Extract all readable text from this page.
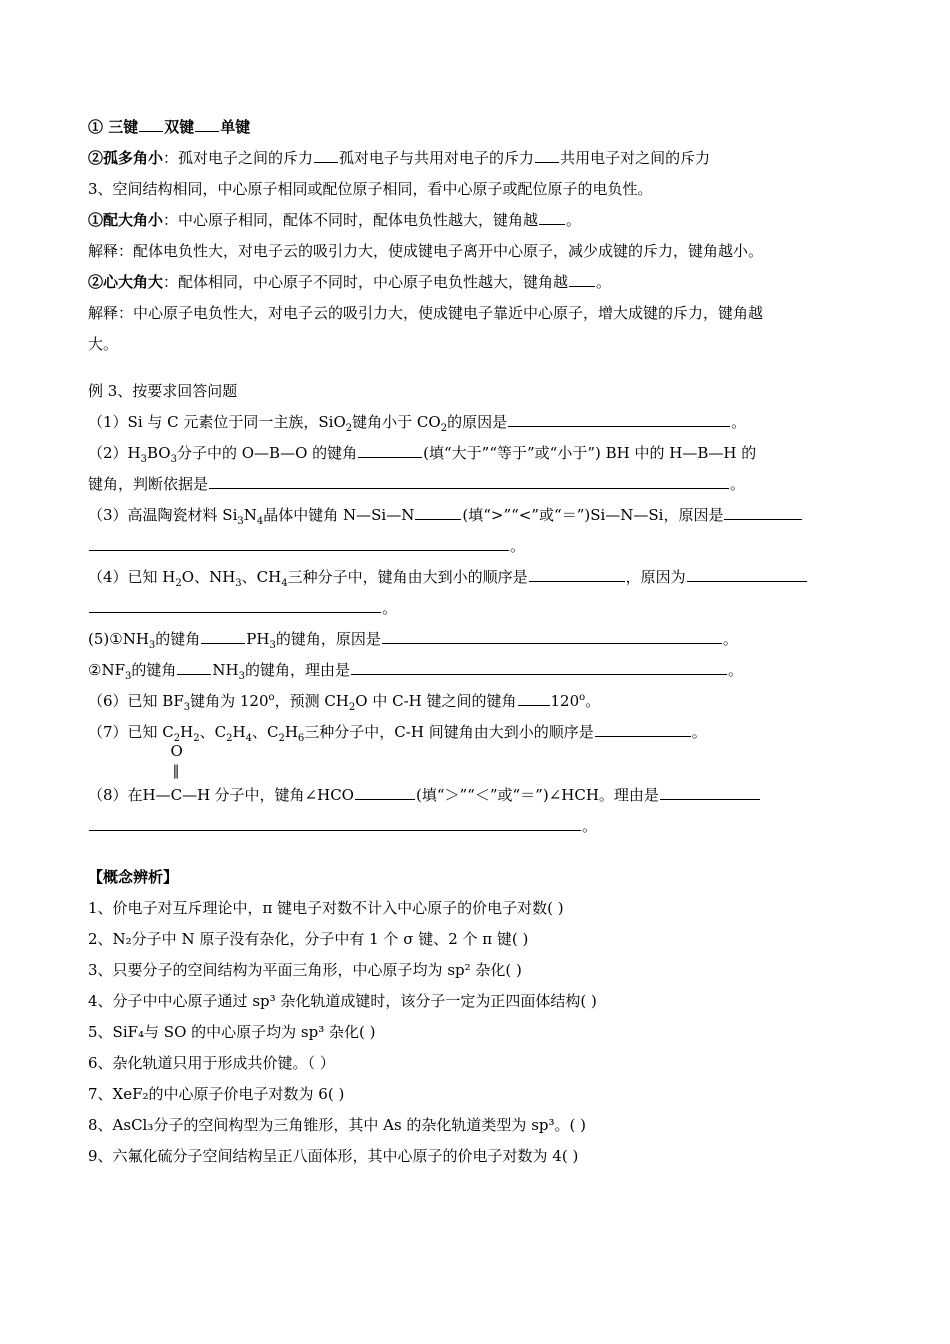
① 三键 双键 单键
②孤多角小：孤对电子之间的斥力 孤对电子与共用对电子的斥力 共用电子对之间的斥力
3、空间结构相同，中心原子相同或配位原子相同，看中心原子或配位原子的电负性。
①配大角小：中心原子相同，配体不同时，配体电负性越大，键角越 。
解释：配体电负性大，对电子云的吸引力大，使成键电子离开中心原子，减少成键的斥力，键角越小。
②心大角大：配体相同，中心原子不同时，中心原子电负性越大，键角越 。
解释：中心原子电负性大，对电子云的吸引力大，使成键电子靠近中心原子，增大成键的斥力，键角越
大。
例 3、按要求回答问题
（1）Si 与 C 元素位于同一主族，SiO$_2$键角小于 $CO_2$的原因是	。
$(2)H_3BO_3$分子中的 O—B—O 的键角	(填“大于”“等于”或“小于”) BH 中的 H—B—H 的
键角，判断依据是	。
（3）高温陶瓷材料 $Si_3N_4$晶体中键角 N—Si—N	(填“>”“<”或“＝”)Si—N—Si，原因是
。
（4）已知 $H_2O$、$NH_3$、$CH_4$三种分子中，键角由大到小的顺序是	，原因为
。
$(5)①NH_3$的键角	$PH_3$的键角，原因是	。
$②NF_3$的键角 $NH_3$的键角，理由是	。
（6）已知 $BF_3$键角为 120$^o$，预测 $CH_2O$ 中 C-H 键之间的键角 120$^o$。
（7）已知 $C_2H_2$、$C_2H_4$、$C_2H_6$三种分子中，C-H 间键角由大到小的顺序是	。
（8）在
O
‖
H—C—H 分子中，键角∠HCO	(填“＞”“＜”或“＝”)∠HCH。理由是
。
【概念辨析】
1、价电子对互斥理论中，π 键电子对数不计入中心原子的价电子对数( )
2、N₂分子中 N 原子没有杂化，分子中有 1 个 σ 键、2 个 π 键( )
3、只要分子的空间结构为平面三角形，中心原子均为 sp² 杂化( )
4、分子中中心原子通过 sp³ 杂化轨道成键时，该分子一定为正四面体结构( )
5、SiF₄与 SO 的中心原子均为 sp³ 杂化( )
6、杂化轨道只用于形成共价键。（ ）
7、XeF₂的中心原子价电子对数为 6( )
8、AsCl₃分子的空间构型为三角锥形，其中 As 的杂化轨道类型为 sp³。( )
9、六氟化硫分子空间结构呈正八面体形，其中心原子的价电子对数为 4( )
